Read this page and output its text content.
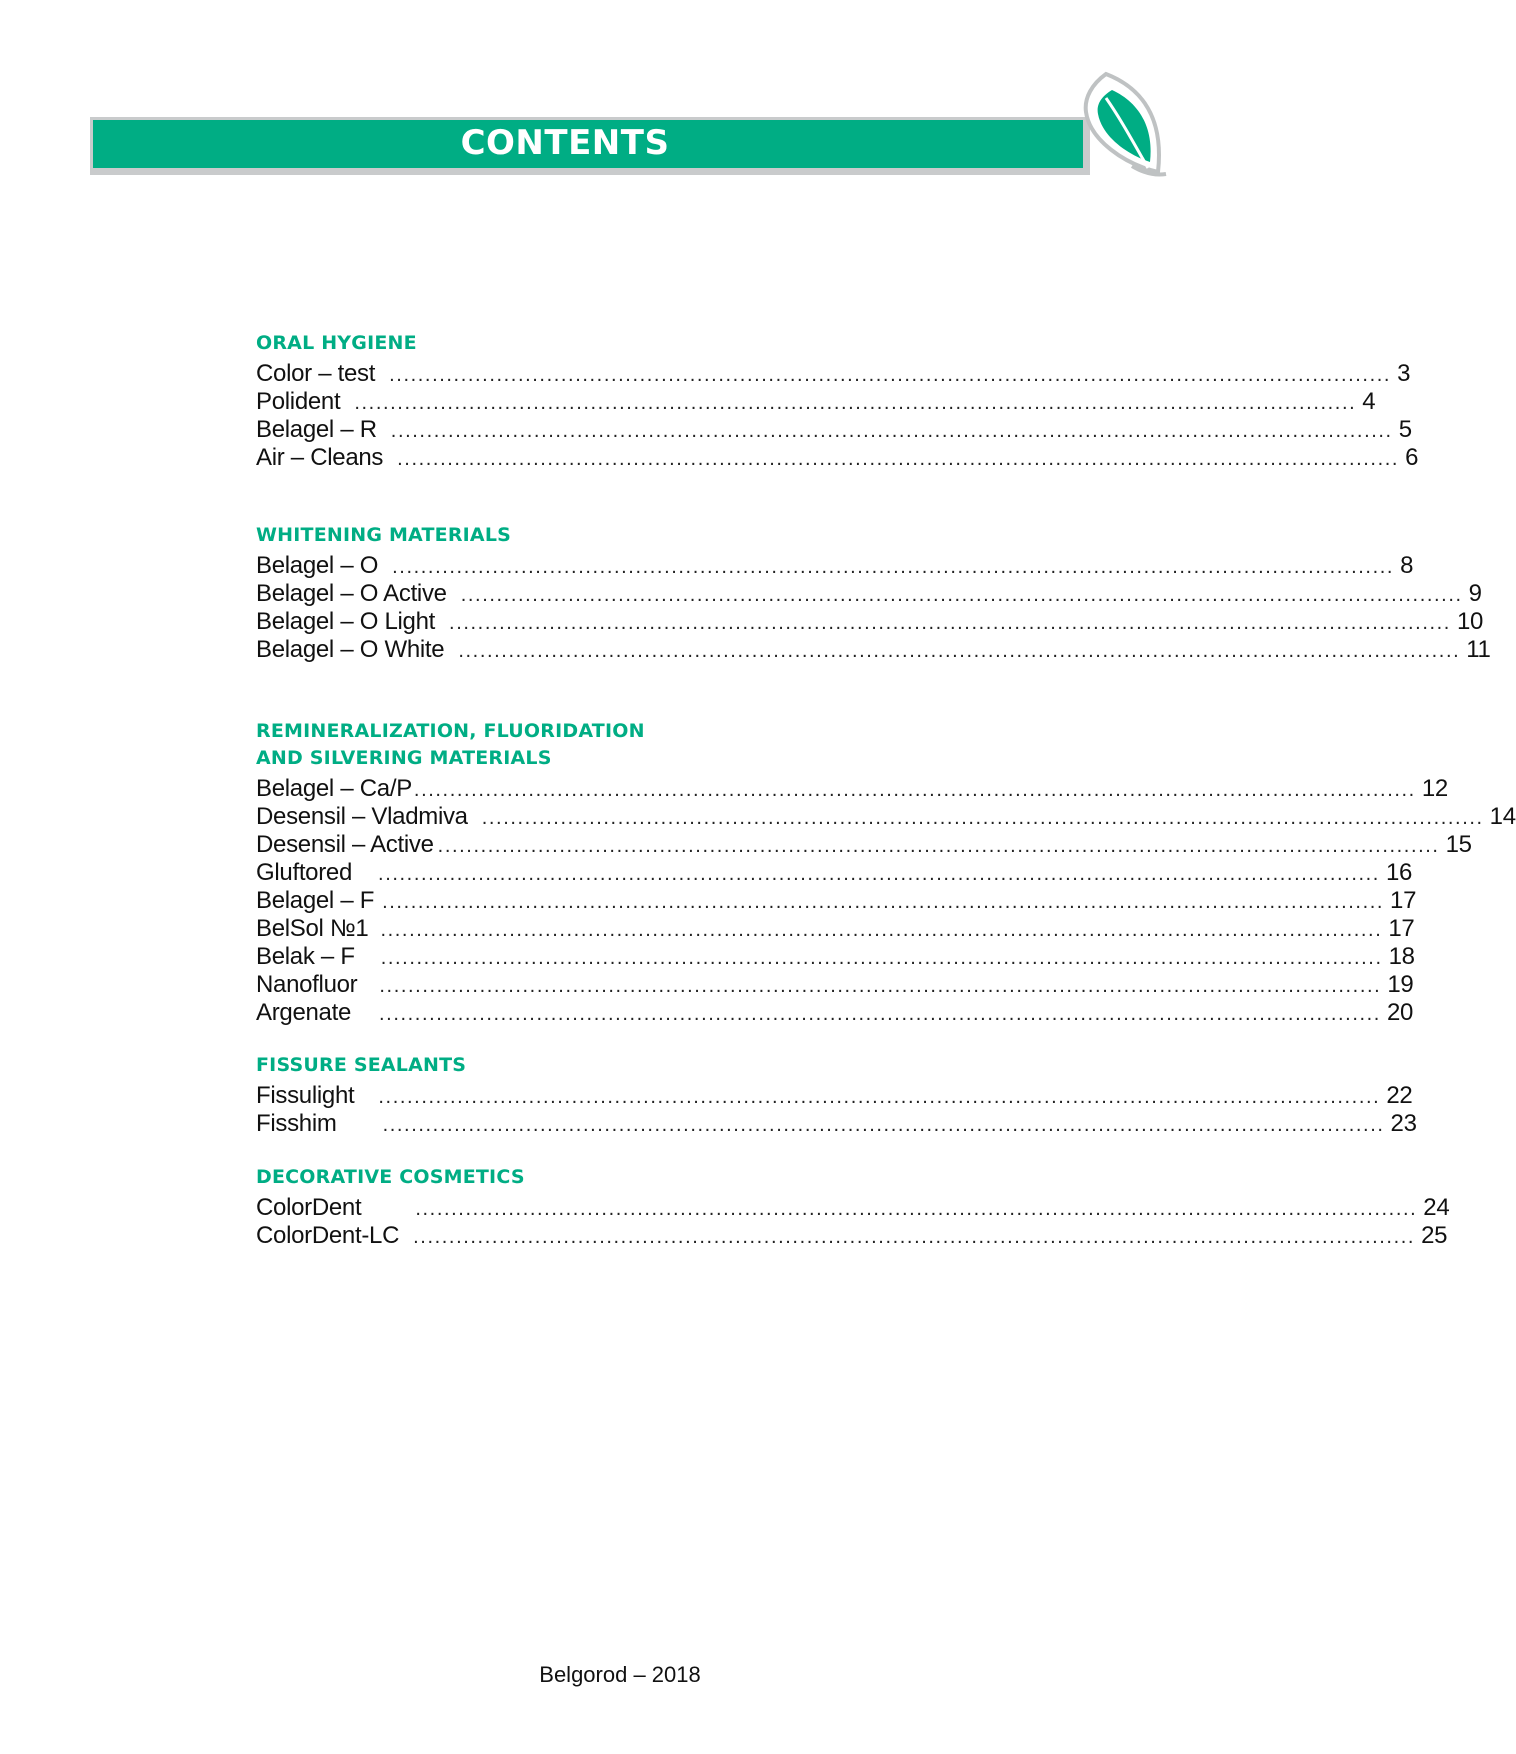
CONTENTS
ORAL HYGIENE
Color – test ............................................................................................................................................ 3
Polident ............................................................................................................................................ 4
Belagel – R ............................................................................................................................................ 5
Air – Cleans ............................................................................................................................................ 6
WHITENING MATERIALS
Belagel – O ............................................................................................................................................ 8
Belagel – O Active ............................................................................................................................................ 9
Belagel – O Light ............................................................................................................................................ 10
Belagel – O White ............................................................................................................................................ 11
REMINERALIZATION, FLUORIDATION
AND SILVERING MATERIALS
Belagel – Ca/P ............................................................................................................................................ 12
Desensil – Vladmiva ............................................................................................................................................ 14
Desensil – Active ............................................................................................................................................ 15
Gluftored ............................................................................................................................................ 16
Belagel – F ............................................................................................................................................ 17
BelSol №1 ............................................................................................................................................ 17
Belak – F ............................................................................................................................................ 18
Nanofluor ............................................................................................................................................ 19
Argenate ............................................................................................................................................ 20
FISSURE SEALANTS
Fissulight ............................................................................................................................................ 22
Fisshim ............................................................................................................................................ 23
DECORATIVE COSMETICS
ColorDent	............................................................................................................................................ 24
ColorDent-LC ............................................................................................................................................ 25
Belgorod – 2018
